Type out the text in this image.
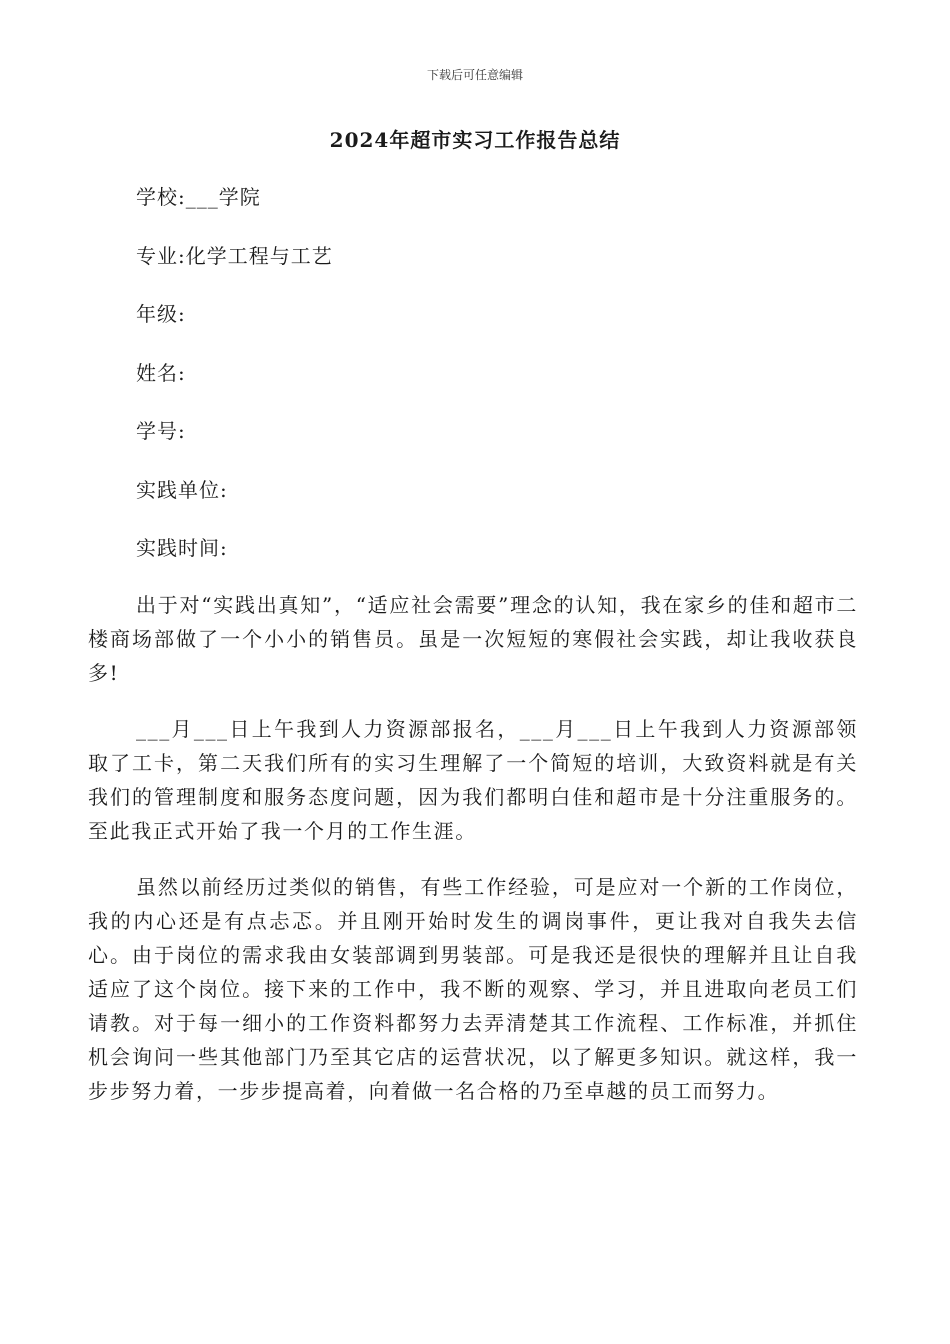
下载后可任意编辑
2024年超市实习工作报告总结
学校:___学院
专业:化学工程与工艺
年级:
姓名:
学号:
实践单位:
实践时间:

出于对“实践出真知”，“适应社会需要”理念的认知，我在家乡的佳和超市二楼商场部做了一个小小的销售员。虽是一次短短的寒假社会实践，却让我收获良多!

___月___日上午我到人力资源部报名，___月___日上午我到人力资源部领取了工卡，第二天我们所有的实习生理解了一个简短的培训，大致资料就是有关我们的管理制度和服务态度问题，因为我们都明白佳和超市是十分注重服务的。至此我正式开始了我一个月的工作生涯。

虽然以前经历过类似的销售，有些工作经验，可是应对一个新的工作岗位，我的内心还是有点忐忑。并且刚开始时发生的调岗事件，更让我对自我失去信心。由于岗位的需求我由女装部调到男装部。可是我还是很快的理解并且让自我适应了这个岗位。接下来的工作中，我不断的观察、学习，并且进取向老员工们请教。对于每一细小的工作资料都努力去弄清楚其工作流程、工作标准，并抓住机会询问一些其他部门乃至其它店的运营状况，以了解更多知识。就这样，我一步步努力着，一步步提高着，向着做一名合格的乃至卓越的员工而努力。
